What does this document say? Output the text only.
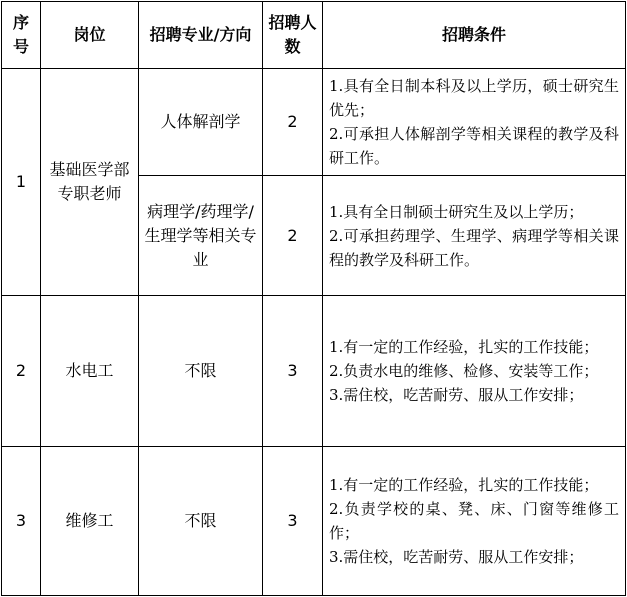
序号	岗位	招聘专业/方向	招聘人数	招聘条件
1	基础医学部专职老师	人体解剖学	2	1.具有全日制本科及以上学历，硕士研究生优先；
2.可承担人体解剖学等相关课程的教学及科研工作。

		病理学/药理学/生理学等相关专业	2	1.具有全日制硕士研究生及以上学历；
2.可承担药理学、生理学、病理学等相关课程的教学及科研工作。

2	水电工	不限	3	1.有一定的工作经验，扎实的工作技能；
2.负责水电的维修、检修、安装等工作；
3.需住校，吃苦耐劳、服从工作安排；

3	维修工	不限	3	1.有一定的工作经验，扎实的工作技能；
2.负责学校的桌、凳、床、门窗等维修工作；
3.需住校，吃苦耐劳、服从工作安排；
